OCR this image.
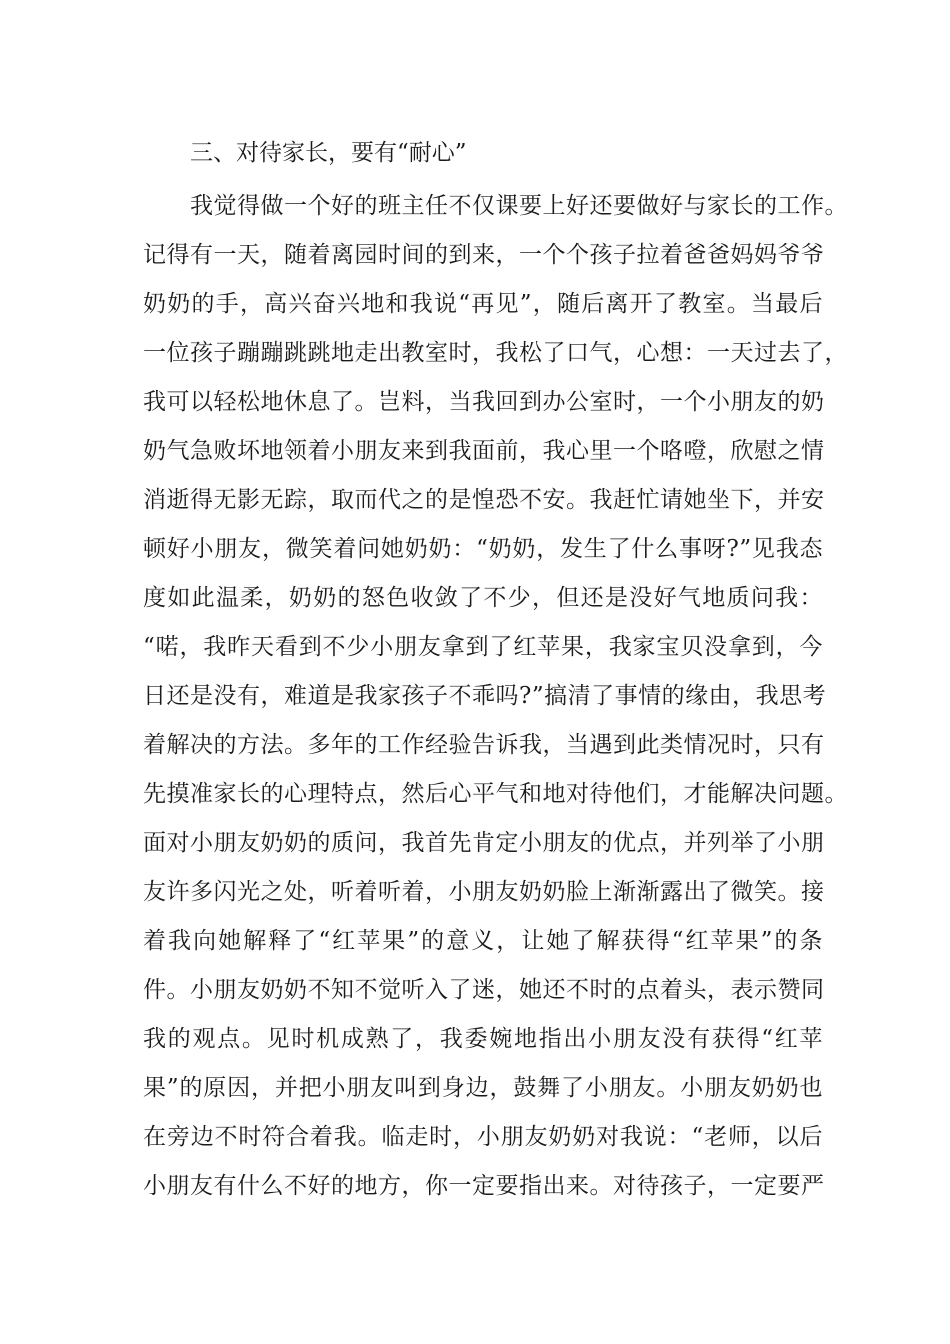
三、对待家长，要有“耐心”
我觉得做一个好的班主任不仅课要上好还要做好与家长的工作。
记得有一天，随着离园时间的到来，一个个孩子拉着爸爸妈妈爷爷
奶奶的手，高兴奋兴地和我说“再见”，随后离开了教室。当最后
一位孩子蹦蹦跳跳地走出教室时，我松了口气，心想：一天过去了，
我可以轻松地休息了。岂料，当我回到办公室时，一个小朋友的奶
奶气急败坏地领着小朋友来到我面前，我心里一个咯噔，欣慰之情
消逝得无影无踪，取而代之的是惶恐不安。我赶忙请她坐下，并安
顿好小朋友，微笑着问她奶奶：“奶奶，发生了什么事呀?”见我态
度如此温柔，奶奶的怒色收敛了不少，但还是没好气地质问我：
“喏，我昨天看到不少小朋友拿到了红苹果，我家宝贝没拿到，今
日还是没有，难道是我家孩子不乖吗?”搞清了事情的缘由，我思考
着解决的方法。多年的工作经验告诉我，当遇到此类情况时，只有
先摸准家长的心理特点，然后心平气和地对待他们，才能解决问题。
面对小朋友奶奶的质问，我首先肯定小朋友的优点，并列举了小朋
友许多闪光之处，听着听着，小朋友奶奶脸上渐渐露出了微笑。接
着我向她解释了“红苹果”的意义，让她了解获得“红苹果”的条
件。小朋友奶奶不知不觉听入了迷，她还不时的点着头，表示赞同
我的观点。见时机成熟了，我委婉地指出小朋友没有获得“红苹
果”的原因，并把小朋友叫到身边，鼓舞了小朋友。小朋友奶奶也
在旁边不时符合着我。临走时，小朋友奶奶对我说：“老师，以后
小朋友有什么不好的地方，你一定要指出来。对待孩子，一定要严
